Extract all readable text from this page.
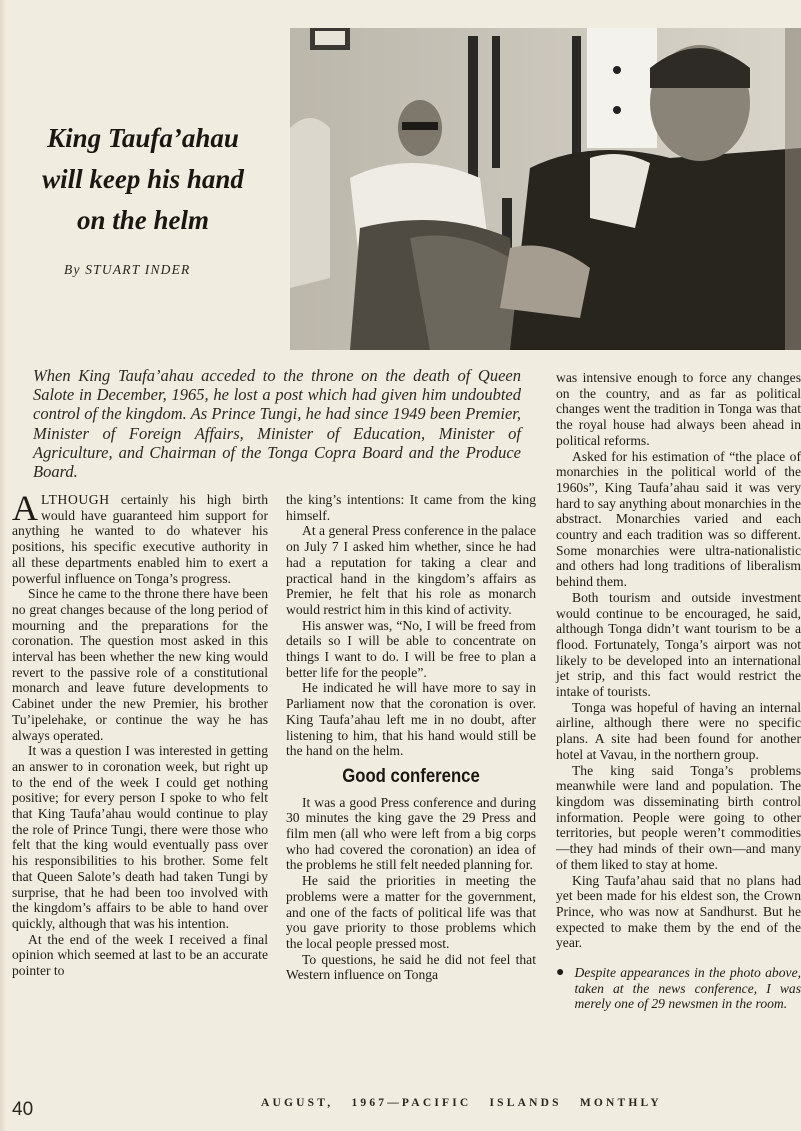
King Taufa’ahau
will keep his hand
on the helm
By STUART INDER
When King Taufa’ahau acceded to the throne on the death of Queen Salote in December, 1965, he lost a post which had given him undoubted control of the kingdom. As Prince Tungi, he had since 1949 been Premier, Minister of Foreign Affairs, Minister of Education, Minister of Agriculture, and Chairman of the Tonga Copra Board and the Produce Board.

ALTHOUGH certainly his high birth would have guaranteed him support for anything he wanted to do whatever his positions, his specific executive authority in all these departments enabled him to exert a powerful influence on Tonga’s progress.

Since he came to the throne there have been no great changes because of the long period of mourning and the preparations for the coronation. The question most asked in this interval has been whether the new king would revert to the passive role of a constitutional monarch and leave future developments to Cabinet under the new Premier, his brother Tu’ipelehake, or continue the way he has always operated.

It was a question I was interested in getting an answer to in coronation week, but right up to the end of the week I could get nothing positive; for every person I spoke to who felt that King Taufa’ahau would continue to play the role of Prince Tungi, there were those who felt that the king would eventually pass over his responsibilities to his brother. Some felt that Queen Salote’s death had taken Tungi by surprise, that he had been too involved with the kingdom’s affairs to be able to hand over quickly, although that was his intention.

At the end of the week I received a final opinion which seemed at last to be an accurate pointer to

the king’s intentions: It came from the king himself.

At a general Press conference in the palace on July 7 I asked him whether, since he had had a reputation for taking a clear and practical hand in the kingdom’s affairs as Premier, he felt that his role as monarch would restrict him in this kind of activity.

His answer was, “No, I will be freed from details so I will be able to concentrate on things I want to do. I will be free to plan a better life for the people”.

He indicated he will have more to say in Parliament now that the coronation is over. King Taufa’ahau left me in no doubt, after listening to him, that his hand would still be the hand on the helm.

Good conference

It was a good Press conference and during 30 minutes the king gave the 29 Press and film men (all who were left from a big corps who had covered the coronation) an idea of the problems he still felt needed planning for.

He said the priorities in meeting the problems were a matter for the government, and one of the facts of political life was that you gave priority to those problems which the local people pressed most.

To questions, he said he did not feel that Western influence on Tonga

was intensive enough to force any changes on the country, and as far as political changes went the tradition in Tonga was that the royal house had always been ahead in political reforms.

Asked for his estimation of “the place of monarchies in the political world of the 1960s”, King Taufa’ahau said it was very hard to say anything about monarchies in the abstract. Monarchies varied and each country and each tradition was so different. Some monarchies were ultra-nationalistic and others had long traditions of liberalism behind them.

Both tourism and outside investment would continue to be encouraged, he said, although Tonga didn’t want tourism to be a flood. Fortunately, Tonga’s airport was not likely to be developed into an international jet strip, and this fact would restrict the intake of tourists.

Tonga was hopeful of having an internal airline, although there were no specific plans. A site had been found for another hotel at Vavau, in the northern group.

The king said Tonga’s problems meanwhile were land and population. The kingdom was disseminating birth control information. People were going to other territories, but people weren’t commodities—they had minds of their own—and many of them liked to stay at home.

King Taufa’ahau said that no plans had yet been made for his eldest son, the Crown Prince, who was now at Sandhurst. But he expected to make them by the end of the year.

● Despite appearances in the photo above, taken at the news conference, I was merely one of 29 newsmen in the room.
40	AUGUST, 1967—PACIFIC ISLANDS MONTHLY
